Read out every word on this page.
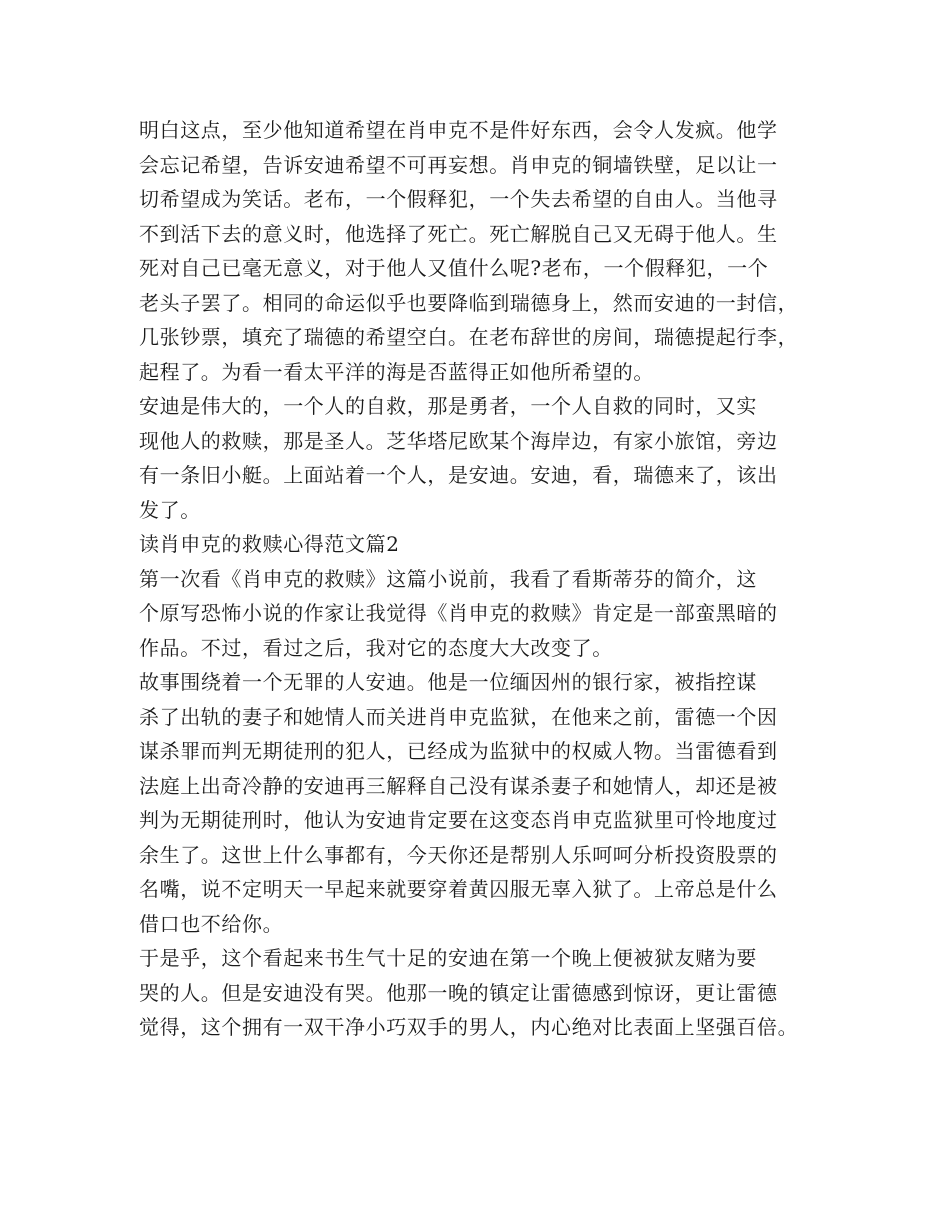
明白这点，至少他知道希望在肖申克不是件好东西，会令人发疯。他学
会忘记希望，告诉安迪希望不可再妄想。肖申克的铜墙铁壁，足以让一
切希望成为笑话。老布，一个假释犯，一个失去希望的自由人。当他寻
不到活下去的意义时，他选择了死亡。死亡解脱自己又无碍于他人。生
死对自己已毫无意义，对于他人又值什么呢?老布，一个假释犯，一个
老头子罢了。相同的命运似乎也要降临到瑞德身上，然而安迪的一封信，
几张钞票，填充了瑞德的希望空白。在老布辞世的房间，瑞德提起行李，
起程了。为看一看太平洋的海是否蓝得正如他所希望的。
安迪是伟大的，一个人的自救，那是勇者，一个人自救的同时，又实
现他人的救赎，那是圣人。芝华塔尼欧某个海岸边，有家小旅馆，旁边
有一条旧小艇。上面站着一个人，是安迪。安迪，看，瑞德来了，该出
发了。
读肖申克的救赎心得范文篇2
第一次看《肖申克的救赎》这篇小说前，我看了看斯蒂芬的简介，这
个原写恐怖小说的作家让我觉得《肖申克的救赎》肯定是一部蛮黑暗的
作品。不过，看过之后，我对它的态度大大改变了。
故事围绕着一个无罪的人安迪。他是一位缅因州的银行家，被指控谋
杀了出轨的妻子和她情人而关进肖申克监狱，在他来之前，雷德一个因
谋杀罪而判无期徒刑的犯人，已经成为监狱中的权威人物。当雷德看到
法庭上出奇冷静的安迪再三解释自己没有谋杀妻子和她情人，却还是被
判为无期徒刑时，他认为安迪肯定要在这变态肖申克监狱里可怜地度过
余生了。这世上什么事都有，今天你还是帮别人乐呵呵分析投资股票的
名嘴，说不定明天一早起来就要穿着黄囚服无辜入狱了。上帝总是什么
借口也不给你。
于是乎，这个看起来书生气十足的安迪在第一个晚上便被狱友赌为要
哭的人。但是安迪没有哭。他那一晚的镇定让雷德感到惊讶，更让雷德
觉得，这个拥有一双干净小巧双手的男人，内心绝对比表面上坚强百倍。
